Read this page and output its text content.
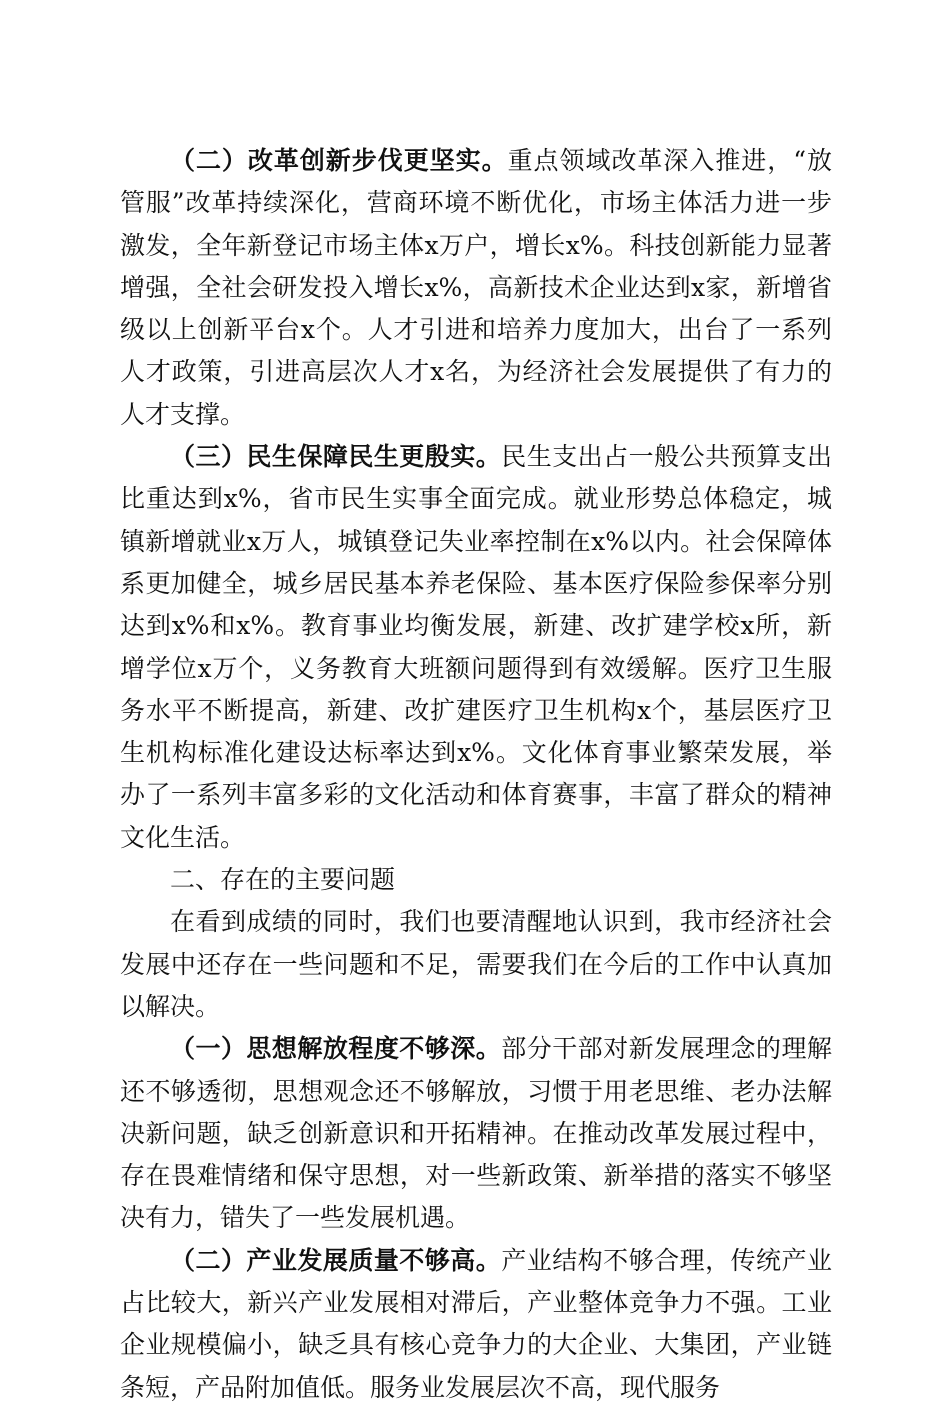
（二）改革创新步伐更坚实。重点领域改革深入推进，“放管服”改革持续深化，营商环境不断优化，市场主体活力进一步激发，全年新登记市场主体x万户，增长x%。科技创新能力显著增强，全社会研发投入增长x%，高新技术企业达到x家，新增省级以上创新平台x个。人才引进和培养力度加大，出台了一系列人才政策，引进高层次人才x名，为经济社会发展提供了有力的人才支撑。

（三）民生保障民生更殷实。民生支出占一般公共预算支出比重达到x%，省市民生实事全面完成。就业形势总体稳定，城镇新增就业x万人，城镇登记失业率控制在x%以内。社会保障体系更加健全，城乡居民基本养老保险、基本医疗保险参保率分别达到x%和x%。教育事业均衡发展，新建、改扩建学校x所，新增学位x万个，义务教育大班额问题得到有效缓解。医疗卫生服务水平不断提高，新建、改扩建医疗卫生机构x个，基层医疗卫生机构标准化建设达标率达到x%。文化体育事业繁荣发展，举办了一系列丰富多彩的文化活动和体育赛事，丰富了群众的精神文化生活。

二、存在的主要问题

在看到成绩的同时，我们也要清醒地认识到，我市经济社会发展中还存在一些问题和不足，需要我们在今后的工作中认真加以解决。

（一）思想解放程度不够深。部分干部对新发展理念的理解还不够透彻，思想观念还不够解放，习惯于用老思维、老办法解决新问题，缺乏创新意识和开拓精神。在推动改革发展过程中，存在畏难情绪和保守思想，对一些新政策、新举措的落实不够坚决有力，错失了一些发展机遇。

（二）产业发展质量不够高。产业结构不够合理，传统产业占比较大，新兴产业发展相对滞后，产业整体竞争力不强。工业企业规模偏小，缺乏具有核心竞争力的大企业、大集团，产业链条短，产品附加值低。服务业发展层次不高，现代服务
